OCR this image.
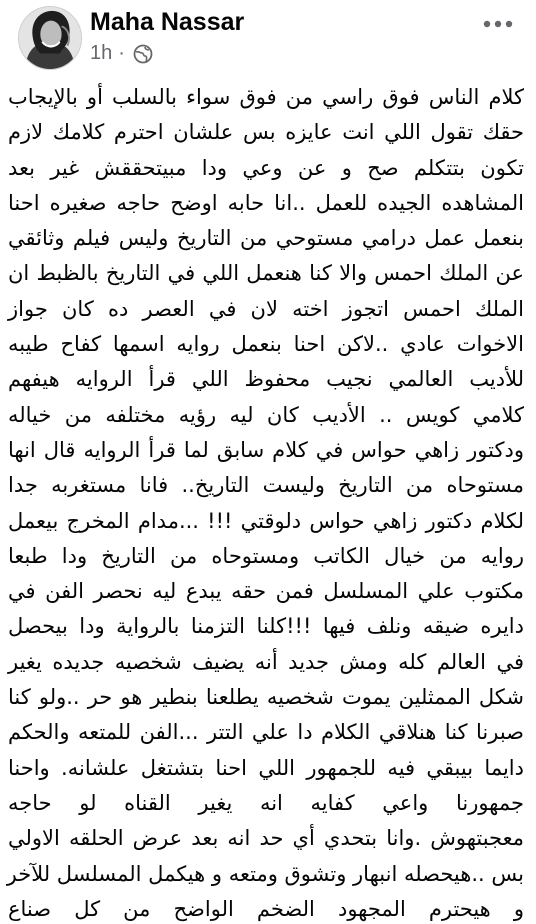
Maha Nassar
1h ·
كلام الناس فوق راسي من فوق سواء بالسلب أو بالإيجاب
حقك تقول اللي انت عايزه بس علشان احترم كلامك لازم
تكون بتتكلم صح و عن وعي ودا مبيتحققش غير بعد
المشاهده الجيده للعمل ..انا حابه اوضح حاجه صغيره احنا
بنعمل عمل درامي مستوحي من التاريخ وليس فيلم وثائقي
عن الملك احمس والا كنا هنعمل اللي في التاريخ بالظبط ان
الملك احمس اتجوز اخته لان في العصر ده كان جواز
الاخوات عادي ..لاكن احنا بنعمل روايه اسمها كفاح طيبه
للأديب العالمي نجيب محفوظ اللي قرأ الروايه هيفهم
كلامي كويس .. الأديب كان ليه رؤيه مختلفه من خياله
ودكتور زاهي حواس في كلام سابق لما قرأ الروايه قال انها
مستوحاه من التاريخ وليست التاريخ.. فانا مستغربه جدا
لكلام دكتور زاهي حواس دلوقتي !!! ...مدام المخرج بيعمل
روايه من خيال الكاتب ومستوحاه من التاريخ ودا طبعا
مكتوب علي المسلسل فمن حقه يبدع ليه نحصر الفن في
دايره ضيقه ونلف فيها !!!كلنا التزمنا بالرواية ودا بيحصل
في العالم كله ومش جديد أنه يضيف شخصيه جديده يغير
شكل الممثلين يموت شخصيه يطلعنا بنطير هو حر ..ولو كنا
صبرنا كنا هنلاقي الكلام دا علي التتر ...الفن للمتعه والحكم
دايما بيبقي فيه للجمهور اللي احنا بتشتغل علشانه. واحنا
جمهورنا واعي كفايه انه يغير القناه لو حاجه
معجبتهوش .وانا بتحدي أي حد انه بعد عرض الحلقه الاولي
بس ..هيحصله انبهار وتشوق ومتعه و هيكمل المسلسل للآخر
و هيحترم المجهود الضخم الواضح من كل صناع
